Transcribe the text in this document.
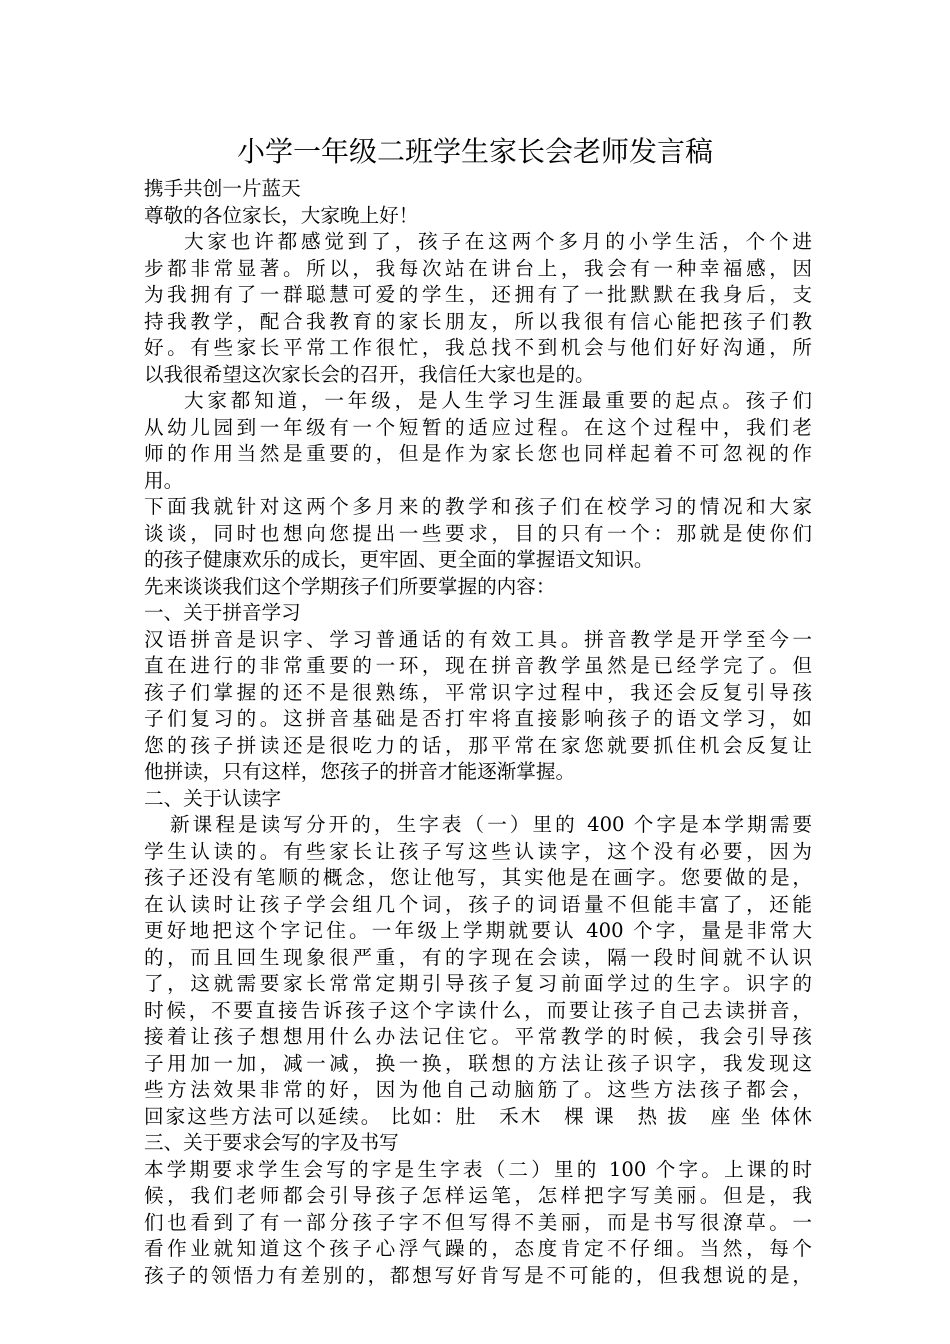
小学一年级二班学生家长会老师发言稿
携手共创一片蓝天
尊敬的各位家长，大家晚上好！
大家也许都感觉到了，孩子在这两个多月的小学生活，个个进
步都非常显著。所以，我每次站在讲台上，我会有一种幸福感，因
为我拥有了一群聪慧可爱的学生，还拥有了一批默默在我身后，支
持我教学，配合我教育的家长朋友，所以我很有信心能把孩子们教
好。有些家长平常工作很忙，我总找不到机会与他们好好沟通，所
以我很希望这次家长会的召开，我信任大家也是的。
大家都知道，一年级，是人生学习生涯最重要的起点。孩子们
从幼儿园到一年级有一个短暂的适应过程。在这个过程中，我们老
师的作用当然是重要的，但是作为家长您也同样起着不可忽视的作
用。
下面我就针对这两个多月来的教学和孩子们在校学习的情况和大家
谈谈，同时也想向您提出一些要求，目的只有一个：那就是使你们
的孩子健康欢乐的成长，更牢固、更全面的掌握语文知识。
先来谈谈我们这个学期孩子们所要掌握的内容：
一、关于拼音学习
汉语拼音是识字、学习普通话的有效工具。拼音教学是开学至今一
直在进行的非常重要的一环，现在拼音教学虽然是已经学完了。但
孩子们掌握的还不是很熟练，平常识字过程中，我还会反复引导孩
子们复习的。这拼音基础是否打牢将直接影响孩子的语文学习，如
您的孩子拼读还是很吃力的话，那平常在家您就要抓住机会反复让
他拼读，只有这样，您孩子的拼音才能逐渐掌握。
二、关于认读字
新课程是读写分开的，生字表（一）里的 400 个字是本学期需要
学生认读的。有些家长让孩子写这些认读字，这个没有必要，因为
孩子还没有笔顺的概念，您让他写，其实他是在画字。您要做的是，
在认读时让孩子学会组几个词，孩子的词语量不但能丰富了，还能
更好地把这个字记住。一年级上学期就要认 400 个字，量是非常大
的，而且回生现象很严重，有的字现在会读，隔一段时间就不认识
了，这就需要家长常常定期引导孩子复习前面学过的生字。识字的
时候，不要直接告诉孩子这个字读什么，而要让孩子自己去读拼音，
接着让孩子想想用什么办法记住它。平常教学的时候，我会引导孩
子用加一加，减一减，换一换，联想的方法让孩子识字，我发现这
些方法效果非常的好，因为他自己动脑筋了。这些方法孩子都会，
回家这些方法可以延续。 比如：肚　禾木　棵 课　热 拔　座 坐 体休
三、关于要求会写的字及书写
本学期要求学生会写的字是生字表（二）里的 100 个字。上课的时
候，我们老师都会引导孩子怎样运笔，怎样把字写美丽。但是，我
们也看到了有一部分孩子字不但写得不美丽，而是书写很潦草。一
看作业就知道这个孩子心浮气躁的，态度肯定不仔细。当然，每个
孩子的领悟力有差别的，都想写好肯写是不可能的，但我想说的是，
